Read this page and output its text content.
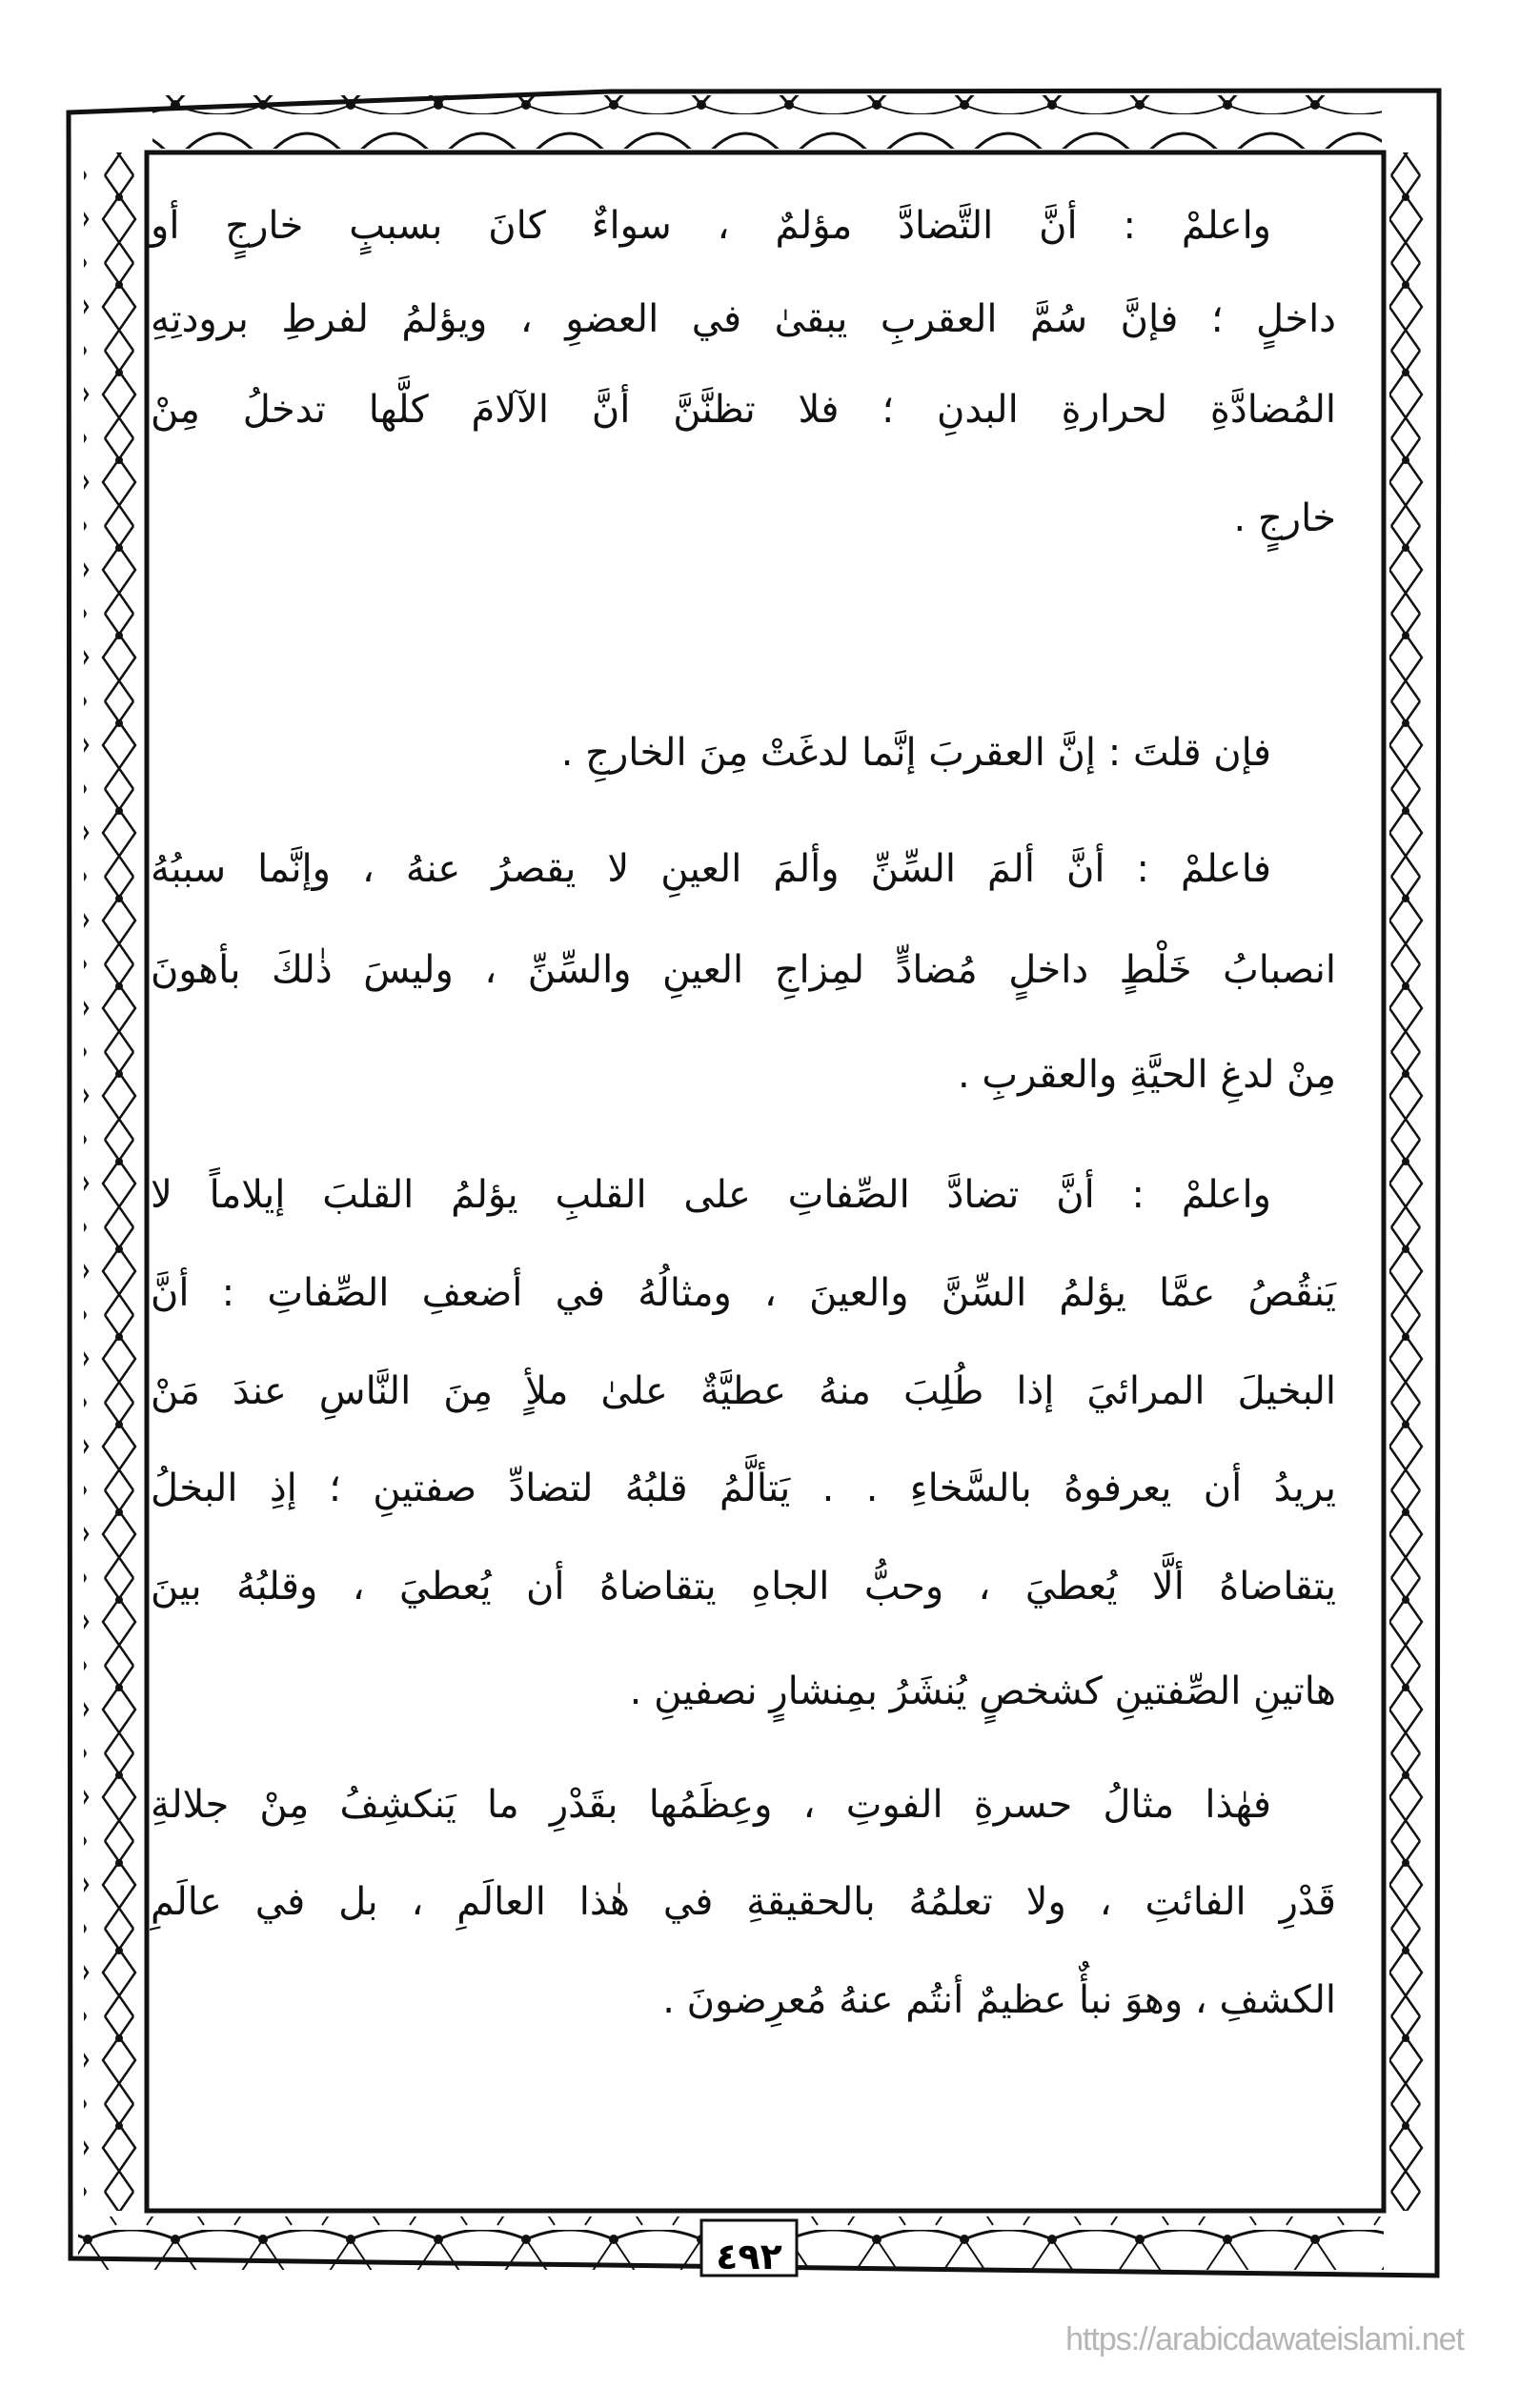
٤٩٢
واعلمْ : أنَّ التَّضادَّ مؤلمٌ ، سواءٌ كانَ بسببٍ خارجٍ أو
داخلٍ ؛ فإنَّ سُمَّ العقربِ يبقىٰ في العضوِ ، ويؤلمُ لفرطِ برودتِهِ
المُضادَّةِ لحرارةِ البدنِ ؛ فلا تظنَّنَّ أنَّ الآلامَ كلَّها تدخلُ مِنْ
خارجٍ .
فإن قلتَ : إنَّ العقربَ إنَّما لدغَتْ مِنَ الخارجِ .
فاعلمْ : أنَّ ألمَ السِّنِّ وألمَ العينِ لا يقصرُ عنهُ ، وإنَّما سببُهُ
انصبابُ خَلْطٍ داخلٍ مُضادٍّ لمِزاجِ العينِ والسِّنِّ ، وليسَ ذٰلكَ بأهونَ
مِنْ لدغِ الحيَّةِ والعقربِ .
واعلمْ : أنَّ تضادَّ الصِّفاتِ على القلبِ يؤلمُ القلبَ إيلاماً لا
يَنقُصُ عمَّا يؤلمُ السِّنَّ والعينَ ، ومثالُهُ في أضعفِ الصِّفاتِ : أنَّ
البخيلَ المرائيَ إذا طُلِبَ منهُ عطيَّةٌ علىٰ ملأٍ مِنَ النَّاسِ عندَ مَنْ
يريدُ أن يعرفوهُ بالسَّخاءِ . . يَتألَّمُ قلبُهُ لتضادِّ صفتينِ ؛ إذِ البخلُ
يتقاضاهُ ألَّا يُعطيَ ، وحبُّ الجاهِ يتقاضاهُ أن يُعطيَ ، وقلبُهُ بينَ
هاتينِ الصِّفتينِ كشخصٍ يُنشَرُ بمِنشارٍ نصفينِ .
فهٰذا مثالُ حسرةِ الفوتِ ، وعِظَمُها بقَدْرِ ما يَنكشِفُ مِنْ جلالةِ
قَدْرِ الفائتِ ، ولا تعلمُهُ بالحقيقةِ في هٰذا العالَمِ ، بل في عالَمِ
الكشفِ ، وهوَ نبأٌ عظيمٌ أنتُم عنهُ مُعرِضونَ .
https://arabicdawateislami.net
